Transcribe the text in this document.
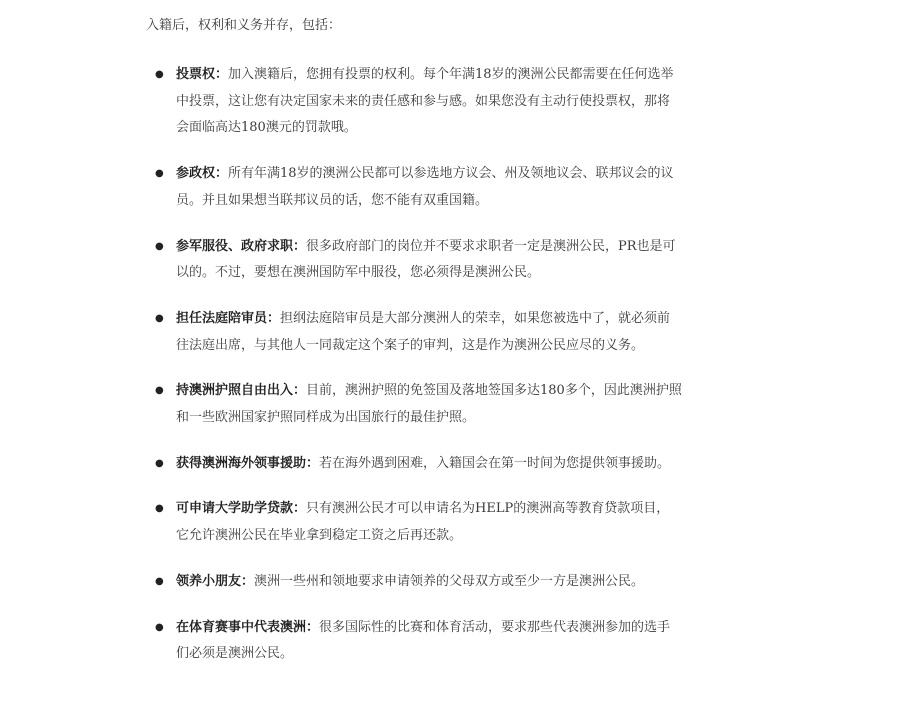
入籍后，权利和义务并存，包括：

● 投票权：加入澳籍后，您拥有投票的权利。每个年满18岁的澳洲公民都需要在任何选举中投票，这让您有决定国家未来的责任感和参与感。如果您没有主动行使投票权，那将会面临高达180澳元的罚款哦。
● 参政权：所有年满18岁的澳洲公民都可以参选地方议会、州及领地议会、联邦议会的议员。并且如果想当联邦议员的话，您不能有双重国籍。
● 参军服役、政府求职：很多政府部门的岗位并不要求求职者一定是澳洲公民，PR也是可以的。不过，要想在澳洲国防军中服役，您必须得是澳洲公民。
● 担任法庭陪审员：担纲法庭陪审员是大部分澳洲人的荣幸，如果您被选中了，就必须前往法庭出席，与其他人一同裁定这个案子的审判，这是作为澳洲公民应尽的义务。
● 持澳洲护照自由出入：目前，澳洲护照的免签国及落地签国多达180多个，因此澳洲护照和一些欧洲国家护照同样成为出国旅行的最佳护照。
● 获得澳洲海外领事援助：若在海外遇到困难，入籍国会在第一时间为您提供领事援助。
● 可申请大学助学贷款：只有澳洲公民才可以申请名为HELP的澳洲高等教育贷款项目，它允许澳洲公民在毕业拿到稳定工资之后再还款。
● 领养小朋友：澳洲一些州和领地要求申请领养的父母双方或至少一方是澳洲公民。
● 在体育赛事中代表澳洲：很多国际性的比赛和体育活动，要求那些代表澳洲参加的选手们必须是澳洲公民。
